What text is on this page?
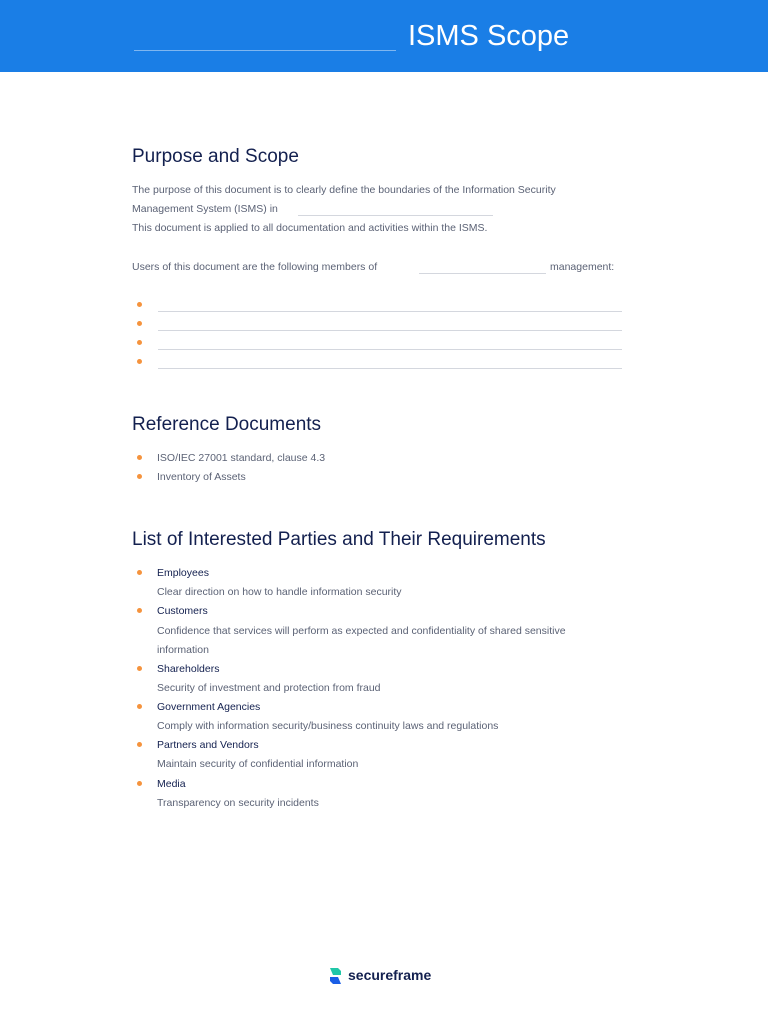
ISMS Scope
Purpose and Scope
The purpose of this document is to clearly define the boundaries of the Information Security
Management System (ISMS) in
This document is applied to all documentation and activities within the ISMS.
Users of this document are the following members of	management:
Reference Documents
ISO/IEC 27001 standard, clause 4.3
Inventory of Assets
List of Interested Parties and Their Requirements
Employees
Clear direction on how to handle information security
Customers
Confidence that services will perform as expected and confidentiality of shared sensitive
information
Shareholders
Security of investment and protection from fraud
Government Agencies
Comply with information security/business continuity laws and regulations
Partners and Vendors
Maintain security of confidential information
Media
Transparency on security incidents
secureframe
